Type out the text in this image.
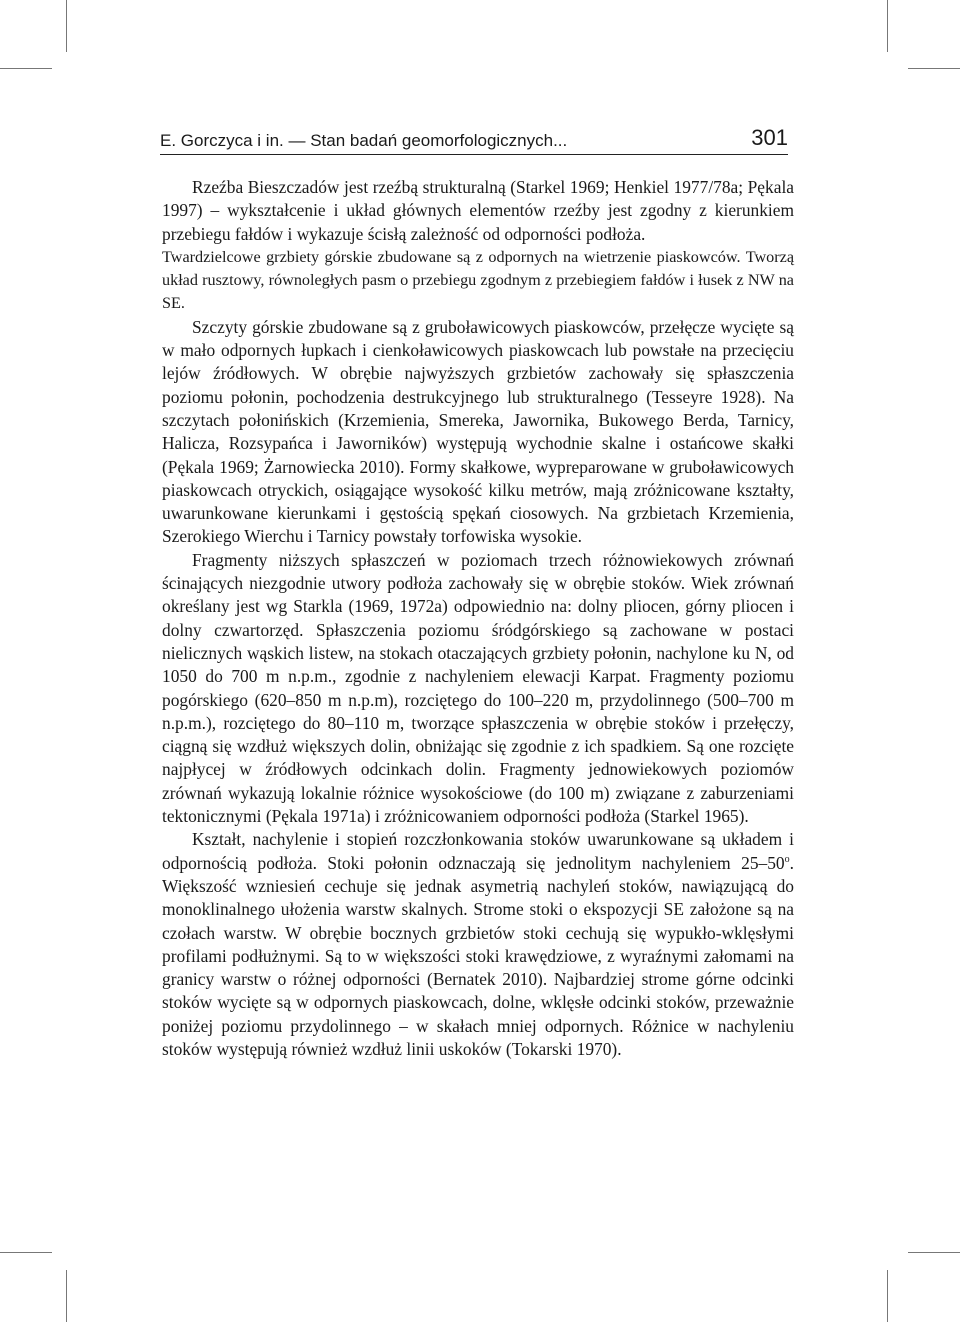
E. Gorczyca i in. — Stan badań geomorfologicznych...	301

Rzeźba Bieszczadów jest rzeźbą strukturalną (Starkel 1969; Henkiel 1977/78a; Pękala 1997) – wykształcenie i układ głównych elementów rzeźby jest zgodny z kierunkiem przebiegu fałdów i wykazuje ścisłą zależność od odporności podłoża.

Twardzielcowe grzbiety górskie zbudowane są z odpornych na wietrzenie piaskowców. Tworzą układ rusztowy, równoległych pasm o przebiegu zgodnym z przebiegiem fałdów i łusek z NW na SE.

Szczyty górskie zbudowane są z gruboławicowych piaskowców, przełęcze wycięte są w mało odpornych łupkach i cienkoławicowych piaskowcach lub powstałe na przecięciu lejów źródłowych. W obrębie najwyższych grzbietów zachowały się spłaszczenia poziomu połonin, pochodzenia destrukcyjnego lub strukturalnego (Tesseyre 1928). Na szczytach połonińskich (Krzemienia, Smereka, Jawornika, Bukowego Berda, Tarnicy, Halicza, Rozsypańca i Jaworników) występują wychodnie skalne i ostańcowe skałki (Pękala 1969; Żarnowiecka 2010). Formy skałkowe, wypreparowane w gruboławicowych piaskowcach otryckich, osiągające wysokość kilku metrów, mają zróżnicowane kształty, uwarunkowane kierunkami i gęstością spękań ciosowych. Na grzbietach Krzemienia, Szerokiego Wierchu i Tarnicy powstały torfowiska wysokie.

Fragmenty niższych spłaszczeń w poziomach trzech różnowiekowych zrównań ścinających niezgodnie utwory podłoża zachowały się w obrębie stoków. Wiek zrównań określany jest wg Starkla (1969, 1972a) odpowiednio na: dolny pliocen, górny pliocen i dolny czwartorzęd. Spłaszczenia poziomu śródgórskiego są zachowane w postaci nielicznych wąskich listew, na stokach otaczających grzbiety połonin, nachylone ku N, od 1050 do 700 m n.p.m., zgodnie z nachyleniem elewacji Karpat. Fragmenty poziomu pogórskiego (620–850 m n.p.m), rozciętego do 100–220 m, przydolinnego (500–700 m n.p.m.), rozciętego do 80–110 m, tworzące spłaszczenia w obrębie stoków i przełęczy, ciągną się wzdłuż większych dolin, obniżając się zgodnie z ich spadkiem. Są one rozcięte najpłycej w źródłowych odcinkach dolin. Fragmenty jednowiekowych poziomów zrównań wykazują lokalnie różnice wysokościowe (do 100 m) związane z zaburzeniami tektonicznymi (Pękala 1971a) i zróżnicowaniem odporności podłoża (Starkel 1965).

Kształt, nachylenie i stopień rozczłonkowania stoków uwarunkowane są układem i odpornością podłoża. Stoki połonin odznaczają się jednolitym nachyleniem 25–50$^o$. Większość wzniesień cechuje się jednak asymetrią nachyleń stoków, nawiązującą do monoklinalnego ułożenia warstw skalnych. Strome stoki o ekspozycji SE założone są na czołach warstw. W obrębie bocznych grzbietów stoki cechują się wypukło-wklęsłymi profilami podłużnymi. Są to w większości stoki krawędziowe, z wyraźnymi załomami na granicy warstw o różnej odporności (Bernatek 2010). Najbardziej strome górne odcinki stoków wycięte są w odpornych piaskowcach, dolne, wklęsłe odcinki stoków, przeważnie poniżej poziomu przydolinnego – w skałach mniej odpornych. Różnice w nachyleniu stoków występują również wzdłuż linii uskoków (Tokarski 1970).
